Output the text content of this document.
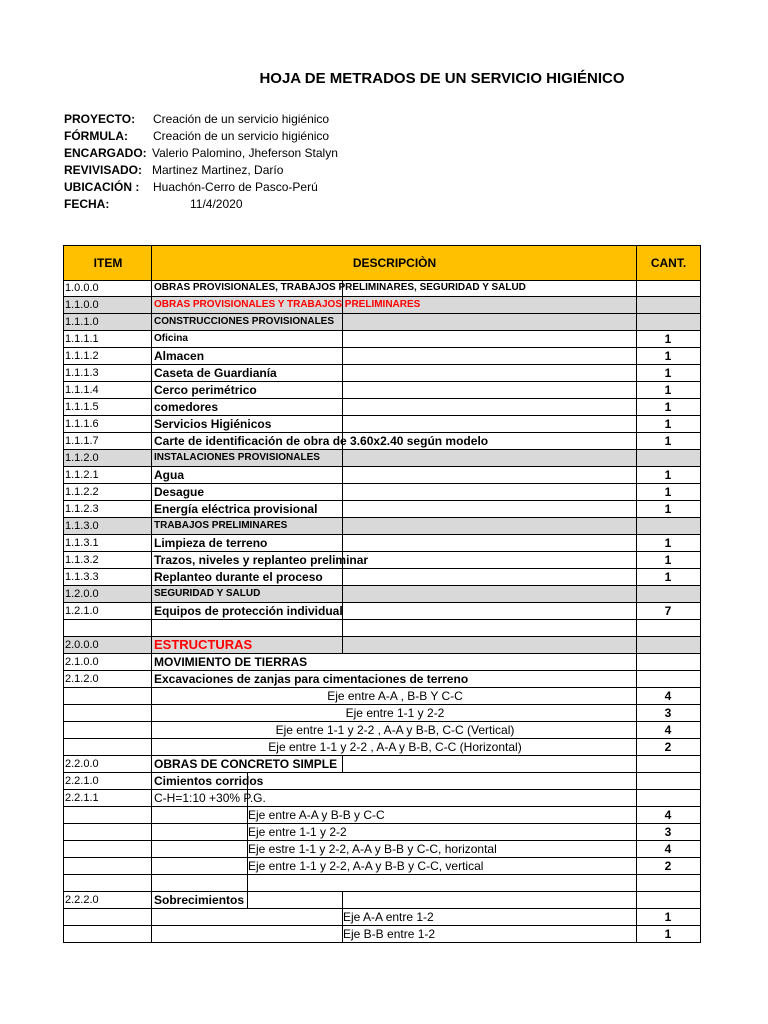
HOJA DE METRADOS DE UN SERVICIO HIGIÉNICO
PROYECTO: Creación de un servicio higiénico
FÓRMULA: Creación de un servicio higiénico
ENCARGADO: Valerio Palomino, Jheferson Stalyn
REVIVISADO: Martinez Martinez, Darío
UBICACIÓN : Huachón-Cerro de Pasco-Perú
FECHA:	11/4/2020
ITEM	DESCRIPCIÒN	CANT.
1.0.0.0	OBRAS PROVISIONALES, TRABAJOS PRELIMINARES, SEGURIDAD Y SALUD
1.1.0.0	OBRAS PROVISIONALES Y TRABAJOS PRELIMINARES
1.1.1.0	CONSTRUCCIONES PROVISIONALES
1.1.1.1	Oficina	1
1.1.1.2	Almacen	1
1.1.1.3	Caseta de Guardianía	1
1.1.1.4	Cerco perimétrico	1
1.1.1.5	comedores	1
1.1.1.6	Servicios Higiénicos	1
1.1.1.7	Carte de identificación de obra de 3.60x2.40 según modelo	1
1.1.2.0	INSTALACIONES PROVISIONALES
1.1.2.1	Agua	1
1.1.2.2	Desague	1
1.1.2.3	Energía eléctrica provisional	1
1.1.3.0	TRABAJOS PRELIMINARES
1.1.3.1	Limpieza de terreno	1
1.1.3.2	Trazos, niveles y replanteo preliminar	1
1.1.3.3	Replanteo durante el proceso	1
1.2.0.0	SEGURIDAD Y SALUD
1.2.1.0	Equipos de protección individual	7
2.0.0.0	ESTRUCTURAS
2.1.0.0	MOVIMIENTO DE TIERRAS
2.1.2.0	Excavaciones de zanjas para cimentaciones de terreno
Eje entre A-A , B-B Y C-C	4
Eje entre 1-1 y 2-2	3
Eje entre 1-1 y 2-2 , A-A y B-B, C-C (Vertical)	4
Eje entre 1-1 y 2-2 , A-A y B-B, C-C (Horizontal)	2
2.2.0.0	OBRAS DE CONCRETO SIMPLE
2.2.1.0	Cimientos corridos
2.2.1.1	C-H=1:10 +30% P.G.
Eje entre A-A y B-B y C-C	4
Eje entre 1-1 y 2-2	3
Eje estre 1-1 y 2-2, A-A y B-B y C-C, horizontal	4
Eje entre 1-1 y 2-2, A-A y B-B y C-C, vertical	2
2.2.2.0	Sobrecimientos
Eje A-A entre 1-2	1
Eje B-B entre 1-2	1
